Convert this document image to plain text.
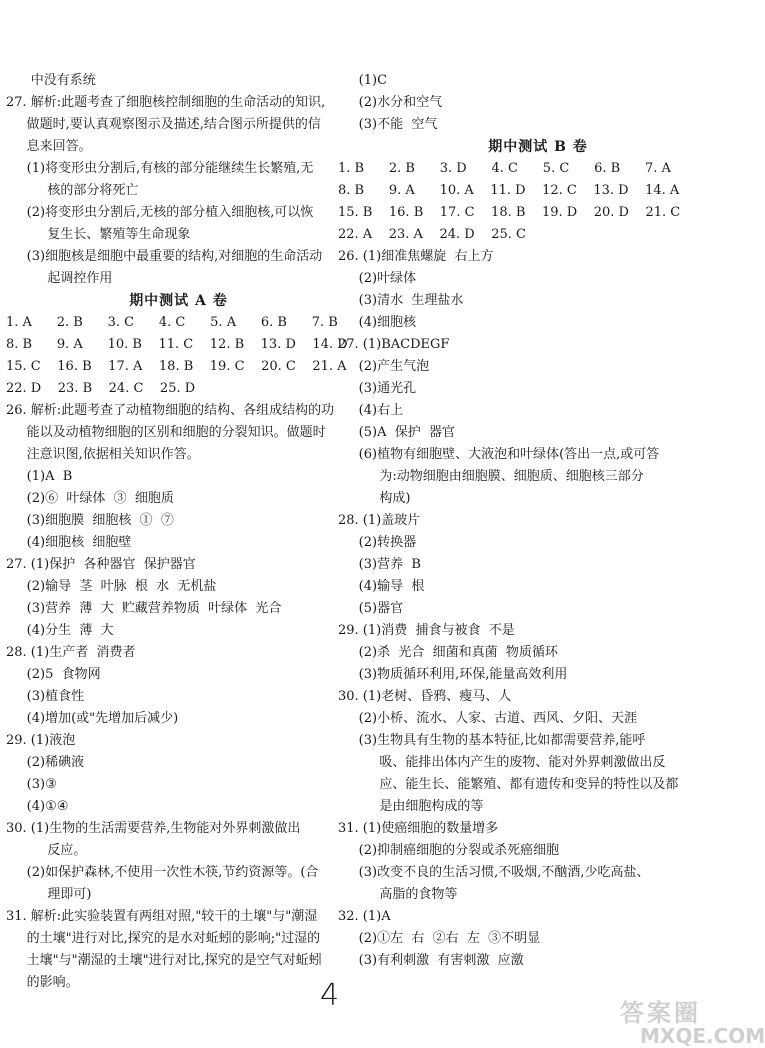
中没有系统
27. 解析:此题考查了细胞核控制细胞的生命活动的知识,
做题时,要认真观察图示及描述,结合图示所提供的信
息来回答。
(1)将变形虫分割后,有核的部分能继续生长繁殖,无
核的部分将死亡
(2)将变形虫分割后,无核的部分植入细胞核,可以恢
复生长、繁殖等生命现象
(3)细胞核是细胞中最重要的结构,对细胞的生命活动
起调控作用
期中测试 A 卷
1. A      2. B      3. C      4. C      5. A      6. B      7. B
8. B      9. A      10. B    11. C    12. B    13. D    14. D
15. C    16. B    17. A    18. B    19. C    20. C    21. A
22. D    23. B    24. C    25. D
26. 解析:此题考查了动植物细胞的结构、各组成结构的功
能以及动植物细胞的区别和细胞的分裂知识。做题时
注意识图,依据相关知识作答。
(1)A  B
(2)⑥  叶绿体  ③  细胞质
(3)细胞膜  细胞核  ①  ⑦
(4)细胞核  细胞壁
27. (1)保护  各种器官  保护器官
(2)输导  茎  叶脉  根  水  无机盐
(3)营养  薄  大  贮藏营养物质  叶绿体  光合
(4)分生  薄  大
28. (1)生产者  消费者
(2)5  食物网
(3)植食性
(4)增加(或"先增加后减少)
29. (1)液泡
(2)稀碘液
(3)③
(4)①④
30. (1)生物的生活需要营养,生物能对外界刺激做出
反应。
(2)如保护森林,不使用一次性木筷,节约资源等。(合
理即可)
31. 解析:此实验装置有两组对照,"较干的土壤"与"潮湿
的土壤"进行对比,探究的是水对蚯蚓的影响;"过湿的
土壤"与"潮湿的土壤"进行对比,探究的是空气对蚯蚓
的影响。
(1)C
(2)水分和空气
(3)不能  空气
期中测试 B 卷
1. B      2. B      3. D      4. C      5. C      6. B      7. A
8. B      9. A      10. A    11. D    12. C    13. D    14. A
15. B    16. B    17. C    18. B    19. D    20. D    21. C
22. A    23. A    24. D    25. C
26. (1)细准焦螺旋  右上方
(2)叶绿体
(3)清水  生理盐水
(4)细胞核
27. (1)BACDEGF
(2)产生气泡
(3)通光孔
(4)右上
(5)A  保护  器官
(6)植物有细胞壁、大液泡和叶绿体(答出一点,或可答
为:动物细胞由细胞膜、细胞质、细胞核三部分
构成)
28. (1)盖玻片
(2)转换器
(3)营养  B
(4)输导  根
(5)器官
29. (1)消费  捕食与被食  不是
(2)杀  光合  细菌和真菌  物质循环
(3)物质循环利用,环保,能量高效利用
30. (1)老树、昏鸦、瘦马、人
(2)小桥、流水、人家、古道、西风、夕阳、天涯
(3)生物具有生物的基本特征,比如都需要营养,能呼
吸、能排出体内产生的废物、能对外界刺激做出反
应、能生长、能繁殖、都有遗传和变异的特性以及都
是由细胞构成的等
31. (1)使癌细胞的数量增多
(2)抑制癌细胞的分裂或杀死癌细胞
(3)改变不良的生活习惯,不吸烟,不酗酒,少吃高盐、
高脂的食物等
32. (1)A
(2)①左  右  ②右  左  ③不明显
(3)有利刺激  有害刺激  应激
4	答案圈
MXQE.COM
